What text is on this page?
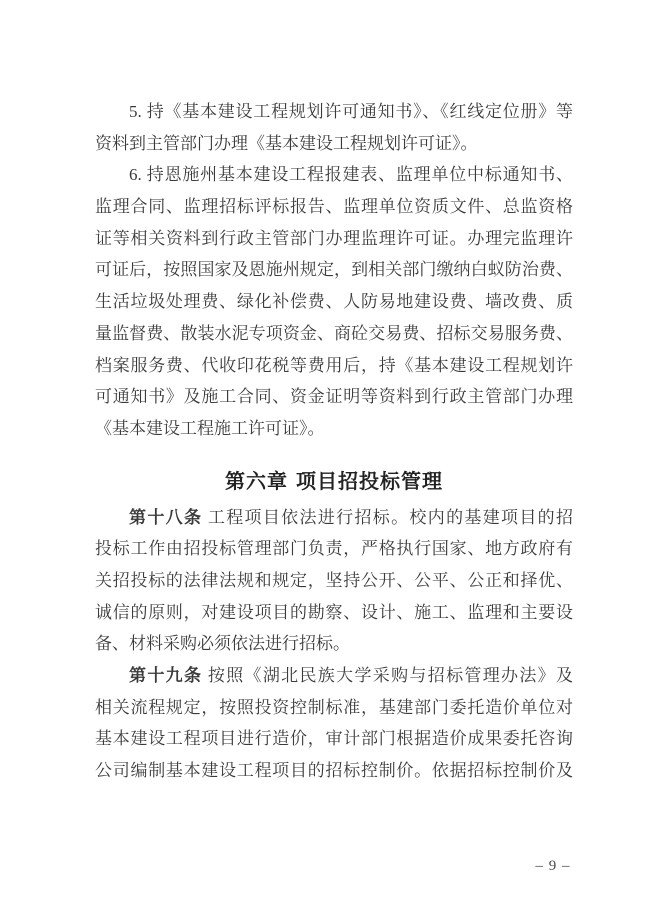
5. 持《基本建设工程规划许可通知书》、《红线定位册》等
资料到主管部门办理《基本建设工程规划许可证》。
6. 持恩施州基本建设工程报建表、监理单位中标通知书、
监理合同、监理招标评标报告、监理单位资质文件、总监资格
证等相关资料到行政主管部门办理监理许可证。办理完监理许
可证后，按照国家及恩施州规定，到相关部门缴纳白蚁防治费、
生活垃圾处理费、绿化补偿费、人防易地建设费、墙改费、质
量监督费、散装水泥专项资金、商砼交易费、招标交易服务费、
档案服务费、代收印花税等费用后，持《基本建设工程规划许
可通知书》及施工合同、资金证明等资料到行政主管部门办理
《基本建设工程施工许可证》。
第六章 项目招投标管理
第十八条 工程项目依法进行招标。校内的基建项目的招
投标工作由招投标管理部门负责，严格执行国家、地方政府有
关招投标的法律法规和规定，坚持公开、公平、公正和择优、
诚信的原则，对建设项目的勘察、设计、施工、监理和主要设
备、材料采购必须依法进行招标。
第十九条 按照《湖北民族大学采购与招标管理办法》及
相关流程规定，按照投资控制标准，基建部门委托造价单位对
基本建设工程项目进行造价，审计部门根据造价成果委托咨询
公司编制基本建设工程项目的招标控制价。依据招标控制价及
– 9 –
